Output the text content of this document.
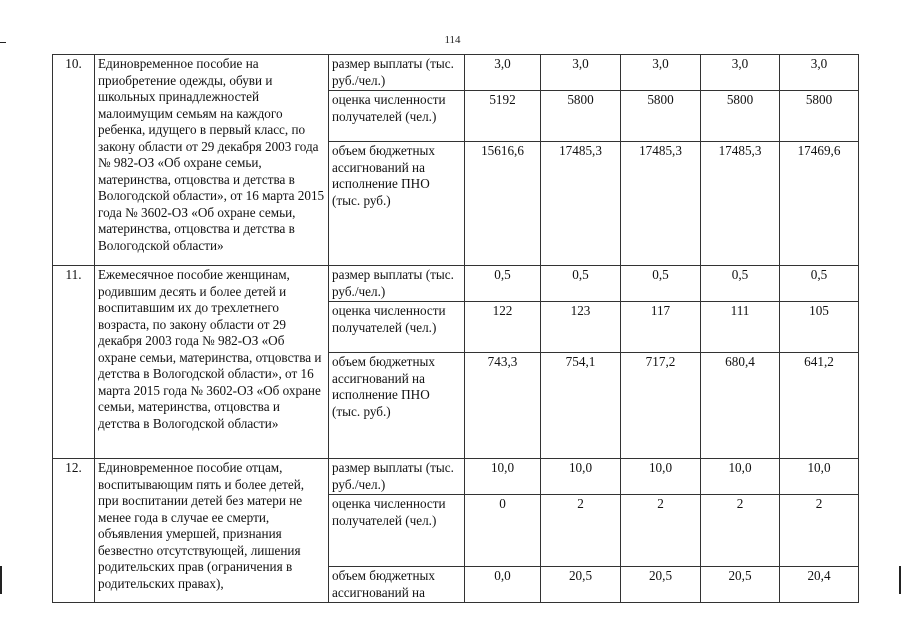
114
10.	Единовременное пособие на приобретение одежды, обуви и школьных принадлежностей малоимущим семьям на каждого ребенка, идущего в первый класс, по закону области от 29 декабря 2003 года № 982-ОЗ «Об охране семьи, материнства, отцовства и детства в Вологодской области», от 16 марта 2015 года № 3602-ОЗ «Об охране семьи, материнства, отцовства и детства в Вологодской области»	размер выплаты (тыс. руб./чел.)	3,0	3,0	3,0	3,0	3,0
		оценка численности получателей (чел.)	5192	5800	5800	5800	5800
		объем бюджетных ассигнований на исполнение ПНО (тыс. руб.)	15616,6	17485,3	17485,3	17485,3	17469,6
11.	Ежемесячное пособие женщинам, родившим десять и более детей и воспитавшим их до трехлетнего возраста, по закону области от 29 декабря 2003 года № 982-ОЗ «Об охране семьи, материнства, отцовства и детства в Вологодской области», от 16 марта 2015 года № 3602-ОЗ «Об охране семьи, материнства, отцовства и детства в Вологодской области»	размер выплаты (тыс. руб./чел.)	0,5	0,5	0,5	0,5	0,5
		оценка численности получателей (чел.)	122	123	117	111	105
		объем бюджетных ассигнований на исполнение ПНО (тыс. руб.)	743,3	754,1	717,2	680,4	641,2
12.	Единовременное пособие отцам, воспитывающим пять и более детей, при воспитании детей без матери не менее года в случае ее смерти, объявления умершей, признания безвестно отсутствующей, лишения родительских прав (ограничения в родительских правах),	размер выплаты (тыс. руб./чел.)	10,0	10,0	10,0	10,0	10,0
		оценка численности получателей (чел.)	0	2	2	2	2
		объем бюджетных ассигнований на	0,0	20,5	20,5	20,5	20,4
